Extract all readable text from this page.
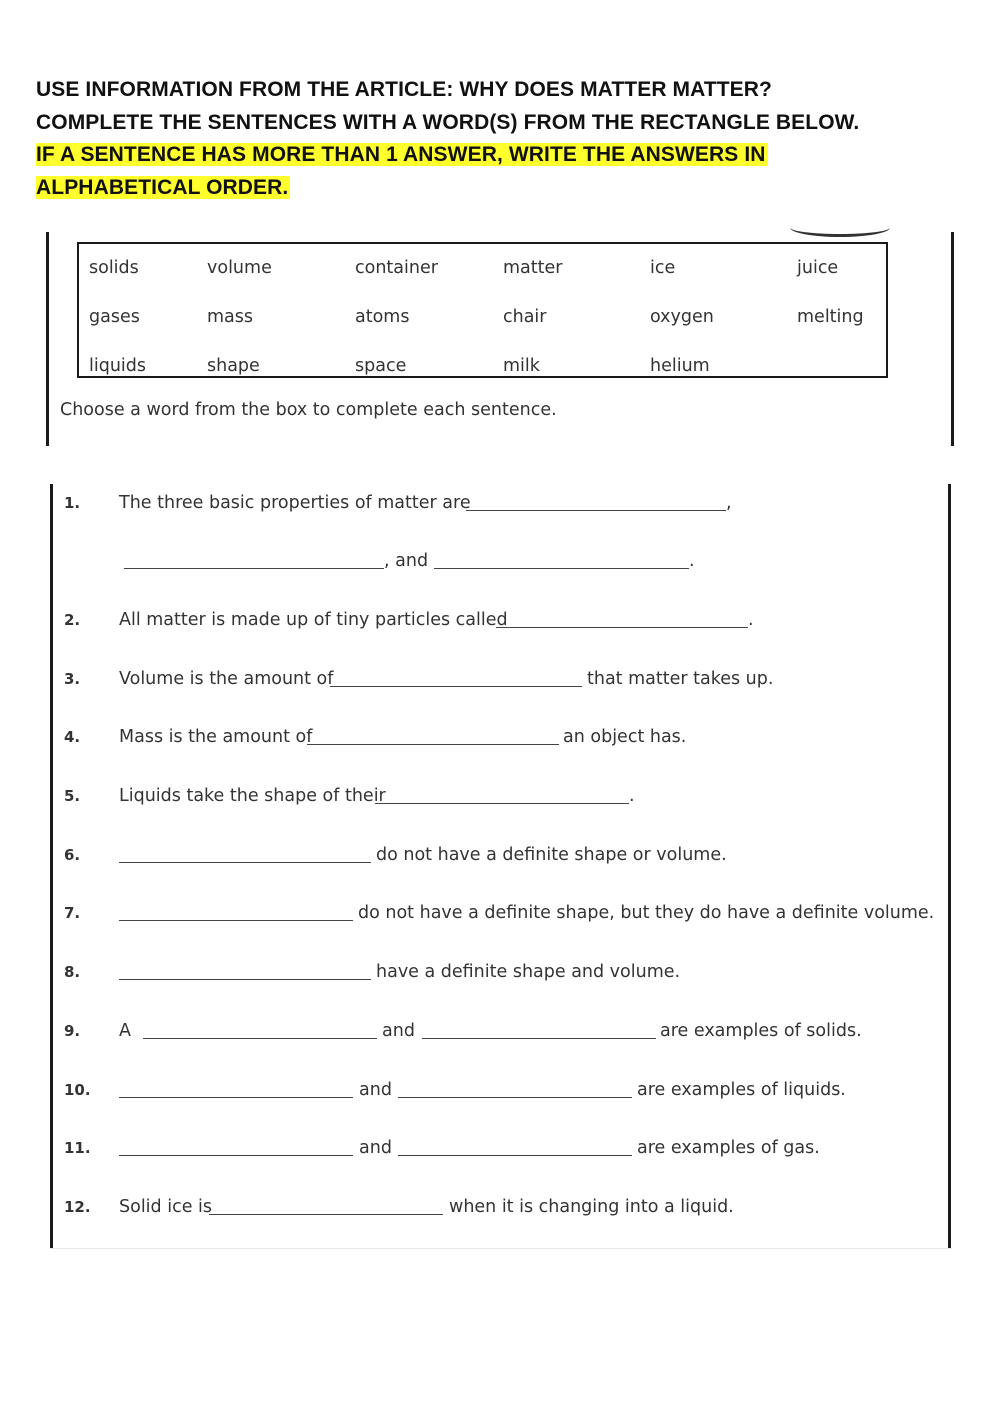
USE INFORMATION FROM THE ARTICLE: WHY DOES MATTER MATTER?
COMPLETE THE SENTENCES WITH A WORD(S) FROM THE RECTANGLE BELOW.
IF A SENTENCE HAS MORE THAN 1 ANSWER, WRITE THE ANSWERS IN
ALPHABETICAL ORDER.
solids	volume	container	matter	ice	juice
gases	mass	atoms	chair	oxygen	melting
liquids	shape	space	milk	helium
Choose a word from the box to complete each sentence.
1. The three basic properties of matter are	,
, and	.
2. All matter is made up of tiny particles called	.
3. Volume is the amount of	that matter takes up.
4. Mass is the amount of	an object has.
5. Liquids take the shape of their	.
6.	do not have a definite shape or volume.
7.	do not have a definite shape, but they do have a definite volume.
8.	have a definite shape and volume.
9. A	and	are examples of solids.
10.	and	are examples of liquids.
11.	and	are examples of gas.
12. Solid ice is	when it is changing into a liquid.
